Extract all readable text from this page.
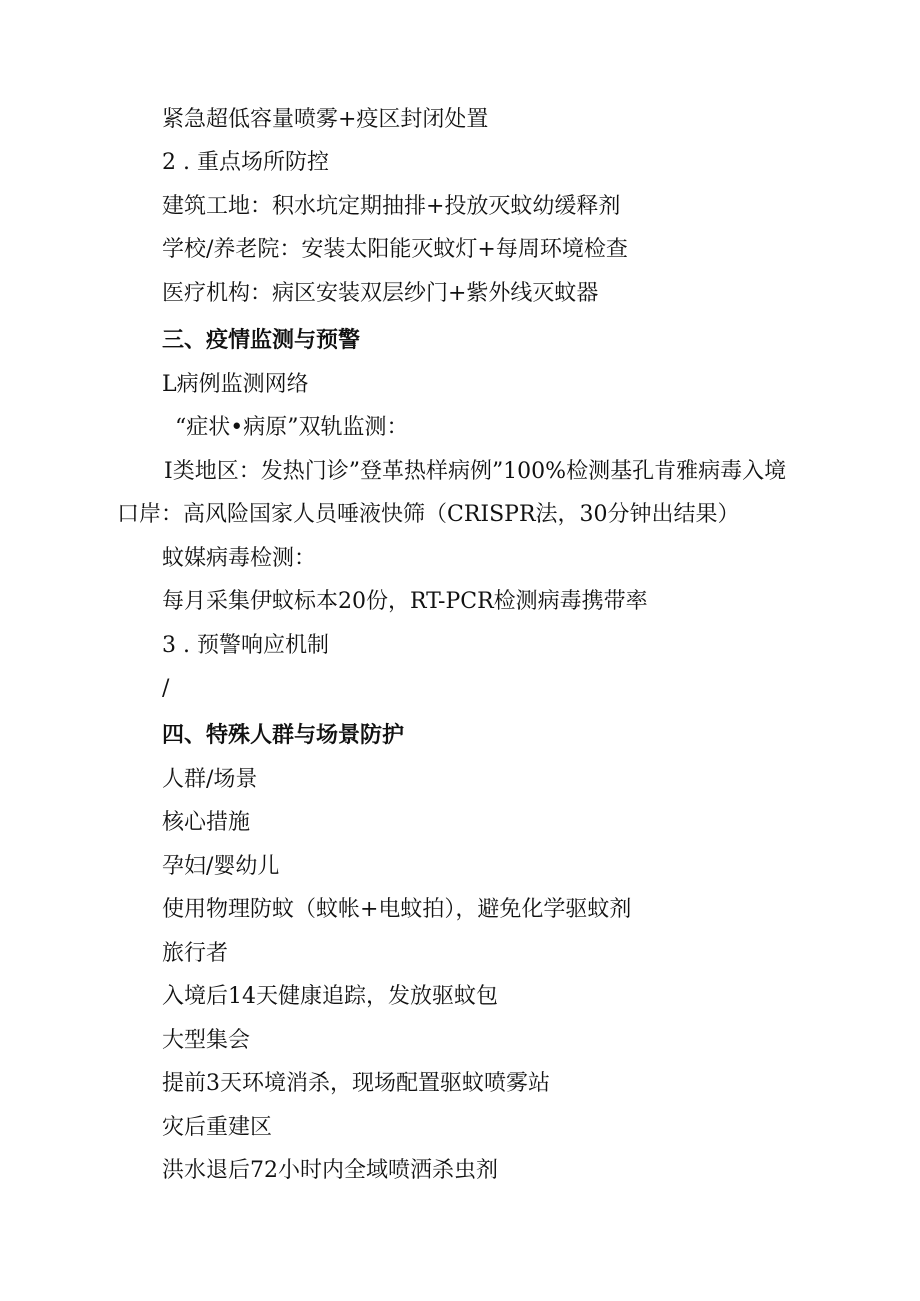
紧急超低容量喷雾+疫区封闭处置
2 . 重点场所防控
建筑工地：积水坑定期抽排+投放灭蚊幼缓释剂
学校/养老院：安装太阳能灭蚊灯+每周环境检查
医疗机构：病区安装双层纱门+紫外线灭蚊器
三、疫情监测与预警
L病例监测网络
“症状•病原”双轨监测：
I类地区：发热门诊”登革热样病例”100%检测基孔肯雅病毒入境
口岸：高风险国家人员唾液快筛（CRISPR法，30分钟出结果）
蚊媒病毒检测：
每月采集伊蚊标本20份，RT-PCR检测病毒携带率
3 . 预警响应机制
/
四、特殊人群与场景防护
人群/场景
核心措施
孕妇/婴幼儿
使用物理防蚊（蚊帐+电蚊拍），避免化学驱蚊剂
旅行者
入境后14天健康追踪，发放驱蚊包
大型集会
提前3天环境消杀，现场配置驱蚊喷雾站
灾后重建区
洪水退后72小时内全域喷洒杀虫剂
